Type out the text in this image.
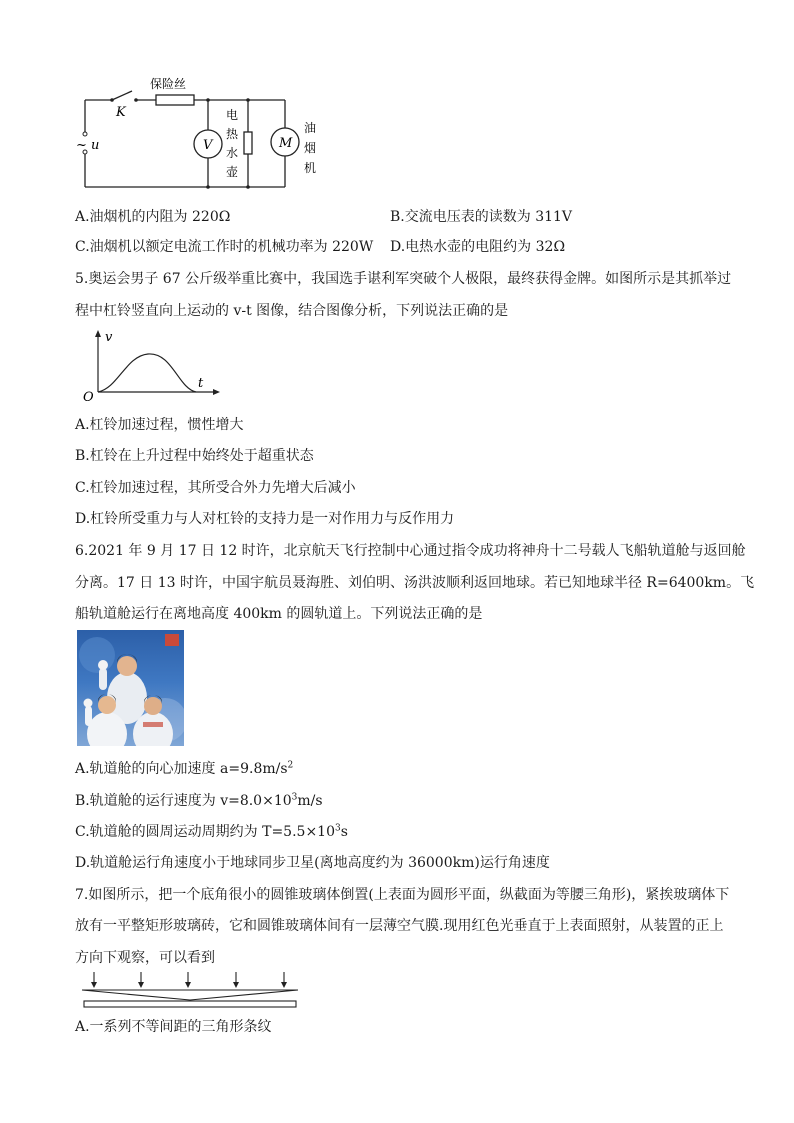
保险丝
K
~ u	V	M
电
热
水
壶
油
烟
机
A.油烟机的内阻为 220Ω	B.交流电压表的读数为 311V
C.油烟机以额定电流工作时的机械功率为 220W D.电热水壶的电阻约为 32Ω
5.奥运会男子 67 公斤级举重比赛中，我国选手谌利军突破个人极限，最终获得金牌。如图所示是其抓举过
程中杠铃竖直向上运动的 v-t 图像，结合图像分析，下列说法正确的是
v
t
O
A.杠铃加速过程，惯性增大
B.杠铃在上升过程中始终处于超重状态
C.杠铃加速过程，其所受合外力先增大后减小
D.杠铃所受重力与人对杠铃的支持力是一对作用力与反作用力
6.2021 年 9 月 17 日 12 时许，北京航天飞行控制中心通过指令成功将神舟十二号载人飞船轨道舱与返回舱
分离。17 日 13 时许，中国宇航员聂海胜、刘伯明、汤洪波顺利返回地球。若已知地球半径 R=6400km。飞
船轨道舱运行在离地高度 400km 的圆轨道上。下列说法正确的是
A.轨道舱的向心加速度 $a=9.8m/s^2$
B.轨道舱的运行速度为 $v=8.0\times 10^3m/s$
C.轨道舱的圆周运动周期约为 $T=5.5\times 10^3s$
D.轨道舱运行角速度小于地球同步卫星(离地高度约为 36000km)运行角速度
7.如图所示，把一个底角很小的圆锥玻璃体倒置(上表面为圆形平面，纵截面为等腰三角形)，紧挨玻璃体下
放有一平整矩形玻璃砖，它和圆锥玻璃体间有一层薄空气膜.现用红色光垂直于上表面照射，从装置的正上
方向下观察，可以看到
A.一系列不等间距的三角形条纹
